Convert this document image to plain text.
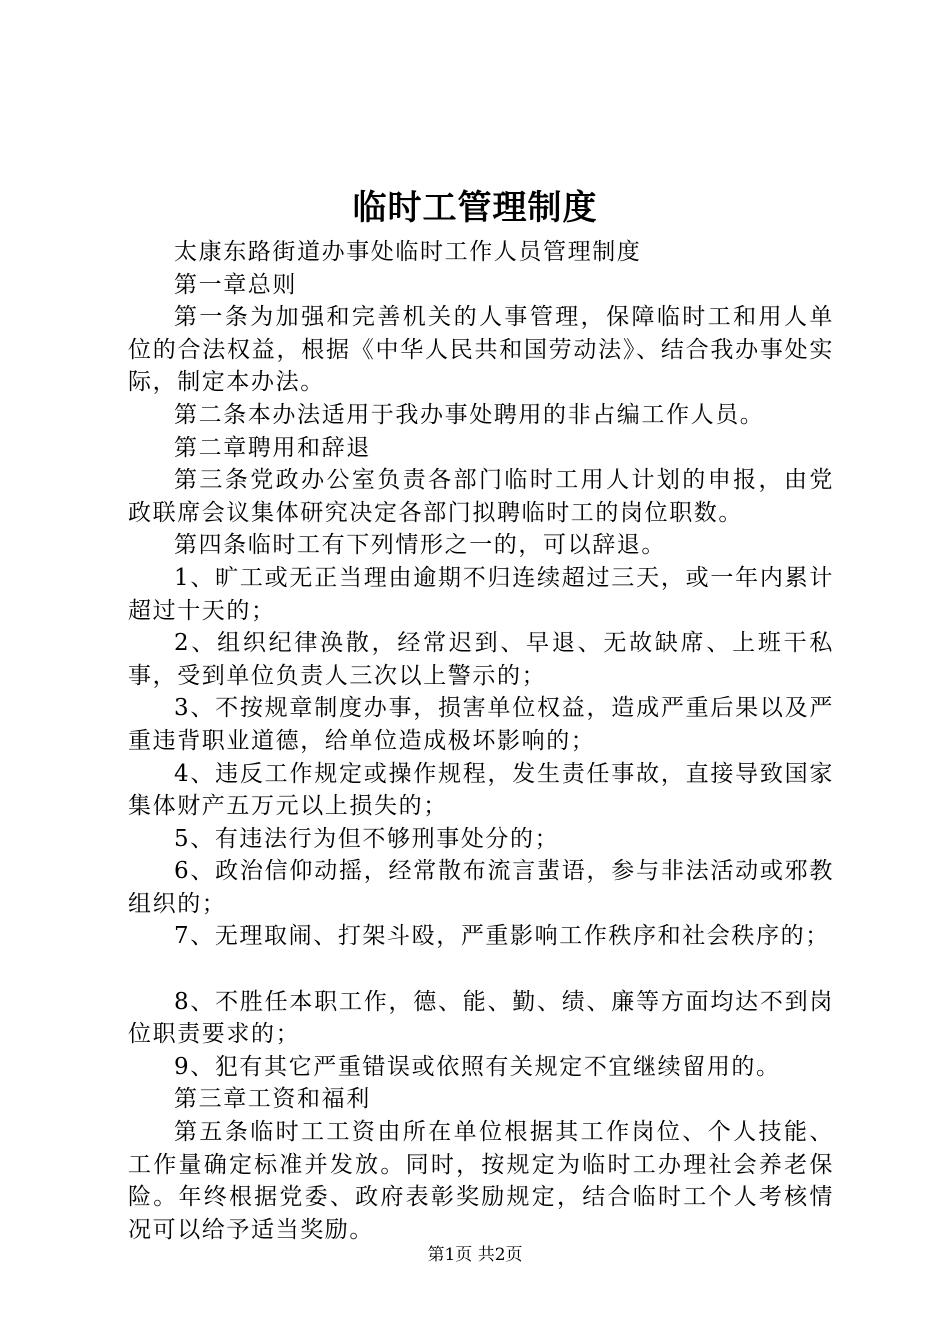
临时工管理制度

太康东路街道办事处临时工作人员管理制度

第一章总则

第一条为加强和完善机关的人事管理，保障临时工和用人单位的合法权益，根据《中华人民共和国劳动法》、结合我办事处实际，制定本办法。

第二条本办法适用于我办事处聘用的非占编工作人员。

第二章聘用和辞退

第三条党政办公室负责各部门临时工用人计划的申报，由党政联席会议集体研究决定各部门拟聘临时工的岗位职数。

第四条临时工有下列情形之一的，可以辞退。

1、旷工或无正当理由逾期不归连续超过三天，或一年内累计超过十天的；

2、组织纪律涣散，经常迟到、早退、无故缺席、上班干私事，受到单位负责人三次以上警示的；

3、不按规章制度办事，损害单位权益，造成严重后果以及严重违背职业道德，给单位造成极坏影响的；

4、违反工作规定或操作规程，发生责任事故，直接导致国家集体财产五万元以上损失的；

5、有违法行为但不够刑事处分的；

6、政治信仰动摇，经常散布流言蜚语，参与非法活动或邪教组织的；

7、无理取闹、打架斗殴，严重影响工作秩序和社会秩序的；

8、不胜任本职工作，德、能、勤、绩、廉等方面均达不到岗位职责要求的；

9、犯有其它严重错误或依照有关规定不宜继续留用的。

第三章工资和福利

第五条临时工工资由所在单位根据其工作岗位、个人技能、工作量确定标准并发放。同时，按规定为临时工办理社会养老保险。年终根据党委、政府表彰奖励规定，结合临时工个人考核情况可以给予适当奖励。

第1页 共2页
